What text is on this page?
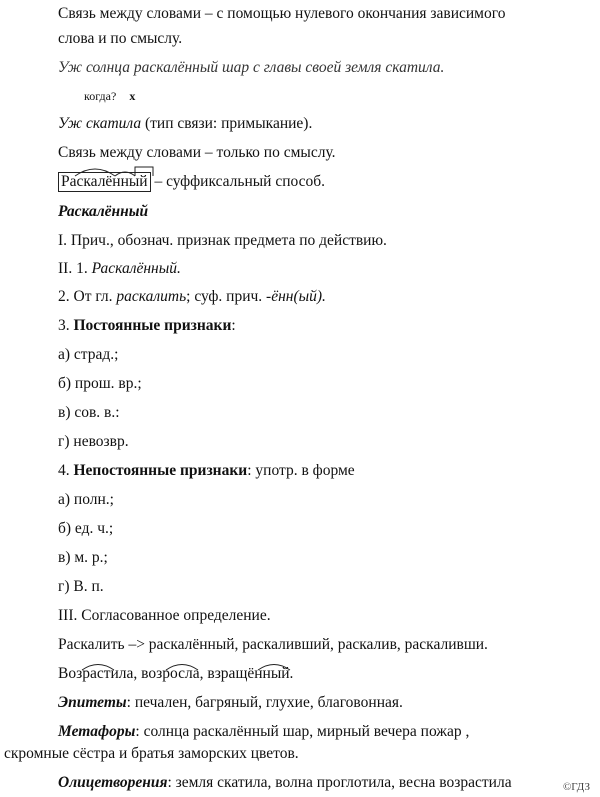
Связь между словами – с помощью нулевого окончания зависимого
слова и по смыслу.
Уж солнца раскалённый шар с главы своей земля скатила.
когда? x
Уж скатила (тип связи: примыкание).
Связь между словами – только по смыслу.
Раскалённый – суффиксальный способ.
Раскалённый
I. Прич., обознач. признак предмета по действию.
II. 1. Раскалённый.
2. От гл. раскалить; суф. прич. -ённ(ый).
3. Постоянные признаки:
а) страд.;
б) прош. вр.;
в) сов. в.:
г) невозвр.
4. Непостоянные признаки: употр. в форме
а) полн.;
б) ед. ч.;
в) м. р.;
г) В. п.
III. Согласованное определение.
Раскалить –> раскалённый, раскаливший, раскалив, раскаливши.
Возрастила, возросла, взращённый.
Эпитеты: печален, багряный, глухие, благовонная.
Метафоры: солнца раскалённый шар, мирный вечера пожар ,
скромные сёстра и братья заморских цветов.
Олицетворения: земля скатила, волна проглотила, весна возрастила	©ГДЗ
